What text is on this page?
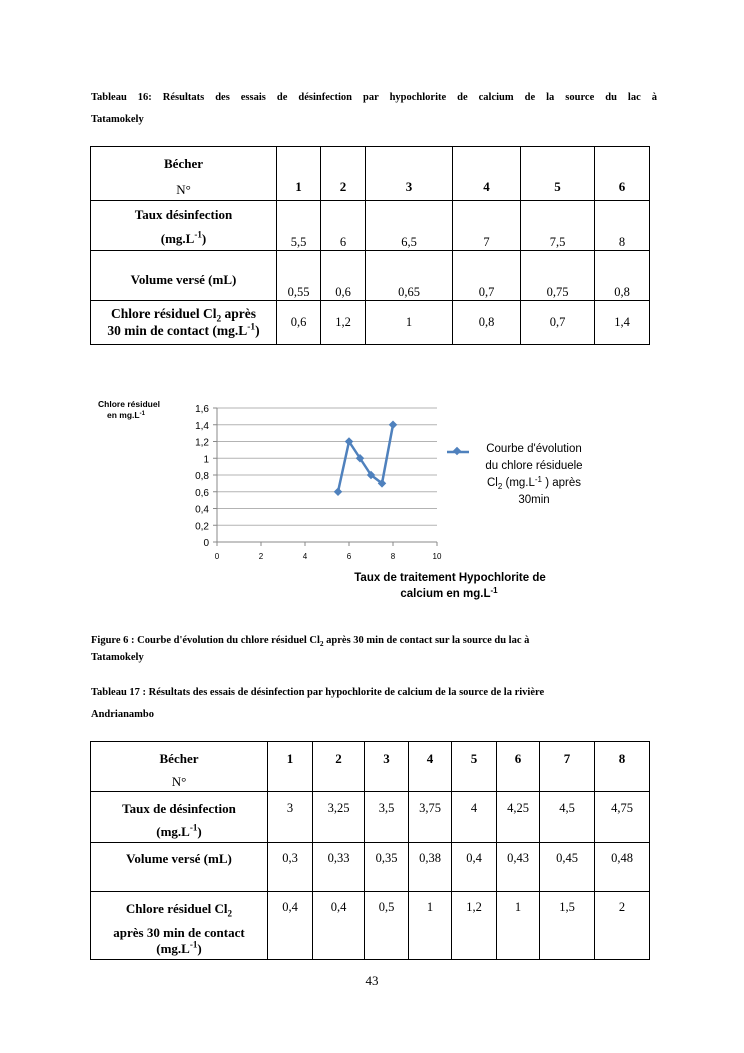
Tableau 16: Résultats des essais de désinfection par hypochlorite de calcium de la source du lac à

Tatamokely

Bécher
N°	1	2	3	4	5	6

Taux désinfection
$(mg.L^{-1})$	5,5	6	6,5	7	7,5	8

Volume versé (mL)	0,55	0,6	0,65	0,7	0,75	0,8

Chlore résiduel $Cl_2$ après
30 min de contact $(mg.L^{-1})$	0,6	1,2	1	0,8	0,7	1,4
0
0,2
0,4
0,6
0,8
1
1,2
1,4
1,6
0	2	4	6	8	10
Chlore résiduel
en $mg.L^{-1}$
Taux de traitement Hypochlorite de
calcium en $mg.L^{-1}$
Courbe d'évolution
du chlore résiduele
$Cl_2$ ($mg.L^{-1}$ ) après
30min

Figure 6 : Courbe d'évolution du chlore résiduel $Cl_2$ après 30 min de contact sur la source du lac à

Tatamokely

Tableau 17 : Résultats des essais de désinfection par hypochlorite de calcium de la source de la rivière

Andrianambo

Bécher
N°	1	2	3	4	5	6	7	8

Taux de désinfection
$(mg.L^{-1})$	3	3,25	3,5	3,75	4	4,25	4,5	4,75

Volume versé (mL)	0,3	0,33	0,35	0,38	0,4	0,43	0,45	0,48

Chlore résiduel $Cl_2$
après 30 min de contact
$(mg.L^{-1})$	0,4	0,4	0,5	1	1,2	1	1,5	2
43
